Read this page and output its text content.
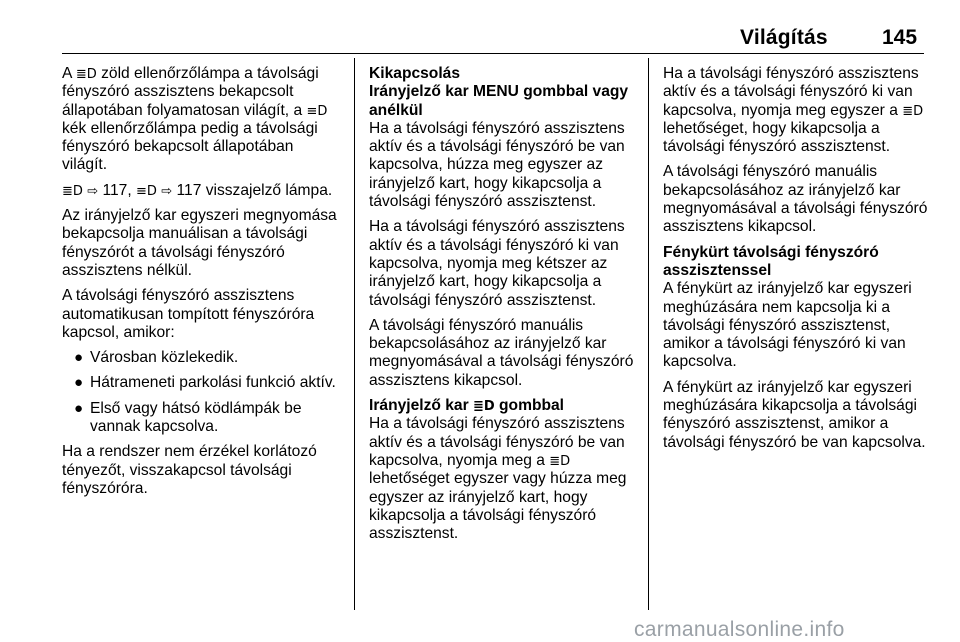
Világítás	145

A ≣D zöld ellenőrzőlámpa a távolsági fényszóró asszisztens bekapcsolt állapotában folyamatosan világít, a ≡D kék ellenőrzőlámpa pedig a távolsági fényszóró bekapcsolt állapotában világít.

≣D ⇨ 117, ≡D ⇨ 117 visszajelző lámpa.

Az irányjelző kar egyszeri megnyomása bekapcsolja manuálisan a távolsági fényszórót a távolsági fényszóró asszisztens nélkül.

A távolsági fényszóró asszisztens automatikusan tompított fényszóróra kapcsol, amikor:

● Városban közlekedik.
● Hátrameneti parkolási funkció aktív.
● Első vagy hátsó ködlámpák be vannak kapcsolva.

Ha a rendszer nem érzékel korlátozó tényezőt, visszakapcsol távolsági fényszóróra.

Kikapcsolás

Irányjelző kar MENU gombbal vagy anélkül

Ha a távolsági fényszóró asszisztens aktív és a távolsági fényszóró be van kapcsolva, húzza meg egyszer az irányjelző kart, hogy kikapcsolja a távolsági fényszóró asszisztenst.

Ha a távolsági fényszóró asszisztens aktív és a távolsági fényszóró ki van kapcsolva, nyomja meg kétszer az irányjelző kart, hogy kikapcsolja a távolsági fényszóró asszisztenst.

A távolsági fényszóró manuális bekapcsolásához az irányjelző kar megnyomásával a távolsági fényszóró asszisztens kikapcsol.

Irányjelző kar ≣D gombbal

Ha a távolsági fényszóró asszisztens aktív és a távolsági fényszóró be van kapcsolva, nyomja meg a ≣D lehetőséget egyszer vagy húzza meg egyszer az irányjelző kart, hogy kikapcsolja a távolsági fényszóró asszisztenst.

Ha a távolsági fényszóró asszisztens aktív és a távolsági fényszóró ki van kapcsolva, nyomja meg egyszer a ≣D lehetőséget, hogy kikapcsolja a távolsági fényszóró asszisztenst.

A távolsági fényszóró manuális bekapcsolásához az irányjelző kar megnyomásával a távolsági fényszóró asszisztens kikapcsol.

Fénykürt távolsági fényszóró asszisztenssel

A fénykürt az irányjelző kar egyszeri meghúzására nem kapcsolja ki a távolsági fényszóró asszisztenst, amikor a távolsági fényszóró ki van kapcsolva.

A fénykürt az irányjelző kar egyszeri meghúzására kikapcsolja a távolsági fényszóró asszisztenst, amikor a távolsági fényszóró be van kapcsolva.

carmanualsonline.info
